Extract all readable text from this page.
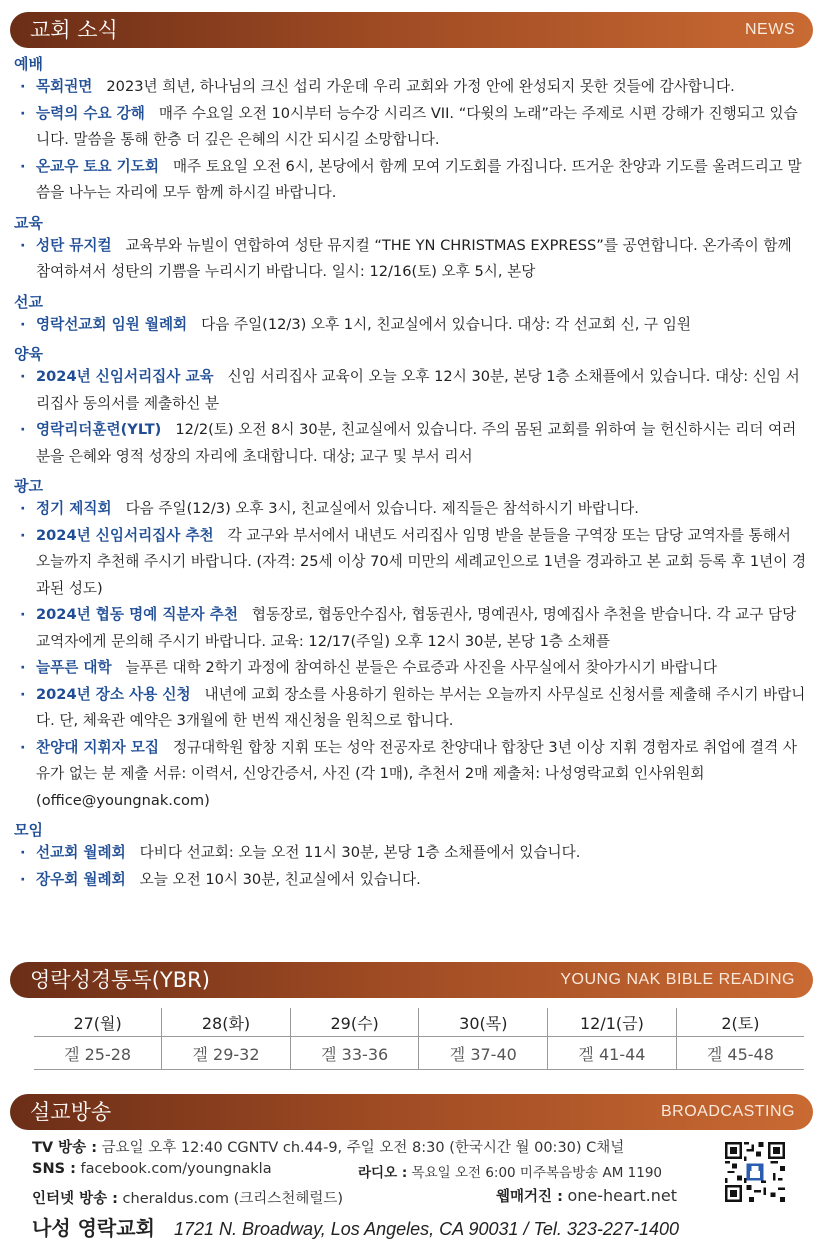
교회 소식	NEWS
예배
· 목회권면 2023년 희년, 하나님의 크신 섭리 가운데 우리 교회와 가정 안에 완성되지 못한 것들에 감사합니다.
· 능력의 수요 강해 매주 수요일 오전 10시부터 능수강 시리즈 VII. “다윗의 노래”라는 주제로 시편 강해가 진행되고 있습니다. 말씀을 통해 한층 더 깊은 은혜의 시간 되시길 소망합니다.
· 온교우 토요 기도회 매주 토요일 오전 6시, 본당에서 함께 모여 기도회를 가집니다. 뜨거운 찬양과 기도를 올려드리고 말씀을 나누는 자리에 모두 함께 하시길 바랍니다.
교육
· 성탄 뮤지컬 교육부와 뉴빌이 연합하여 성탄 뮤지컬 “THE YN CHRISTMAS EXPRESS”를 공연합니다. 온가족이 함께 참여하셔서 성탄의 기쁨을 누리시기 바랍니다. 일시: 12/16(토) 오후 5시, 본당
선교
· 영락선교회 임원 월례회 다음 주일(12/3) 오후 1시, 친교실에서 있습니다. 대상: 각 선교회 신, 구 임원
양육
· 2024년 신임서리집사 교육 신임 서리집사 교육이 오늘 오후 12시 30분, 본당 1층 소채플에서 있습니다. 대상: 신임 서리집사 동의서를 제출하신 분
· 영락리더훈련(YLT) 12/2(토) 오전 8시 30분, 친교실에서 있습니다. 주의 몸된 교회를 위하여 늘 헌신하시는 리더 여러분을 은혜와 영적 성장의 자리에 초대합니다. 대상; 교구 및 부서 리서
광고
· 정기 제직회 다음 주일(12/3) 오후 3시, 친교실에서 있습니다. 제직들은 참석하시기 바랍니다.
· 2024년 신임서리집사 추천 각 교구와 부서에서 내년도 서리집사 임명 받을 분들을 구역장 또는 담당 교역자를 통해서 오늘까지 추천해 주시기 바랍니다. (자격: 25세 이상 70세 미만의 세례교인으로 1년을 경과하고 본 교회 등록 후 1년이 경과된 성도)
· 2024년 협동 명예 직분자 추천 협동장로, 협동안수집사, 협동권사, 명예권사, 명예집사 추천을 받습니다. 각 교구 담당교역자에게 문의해 주시기 바랍니다. 교육: 12/17(주일) 오후 12시 30분, 본당 1층 소채플
· 늘푸른 대학 늘푸른 대학 2학기 과정에 참여하신 분들은 수료증과 사진을 사무실에서 찾아가시기 바랍니다
· 2024년 장소 사용 신청 내년에 교회 장소를 사용하기 원하는 부서는 오늘까지 사무실로 신청서를 제출해 주시기 바랍니다. 단, 체육관 예약은 3개월에 한 번씩 재신청을 원칙으로 합니다.
· 찬양대 지휘자 모집 정규대학원 합창 지휘 또는 성악 전공자로 찬양대나 합창단 3년 이상 지휘 경험자로 취업에 결격 사유가 없는 분 제출 서류: 이력서, 신앙간증서, 사진 (각 1매), 추천서 2매 제출처: 나성영락교회 인사위원회 (office@youngnak.com)
모임
· 선교회 월례회 다비다 선교회: 오늘 오전 11시 30분, 본당 1층 소채플에서 있습니다.
· 장우회 월례회 오늘 오전 10시 30분, 친교실에서 있습니다.
영락성경통독(YBR)	YOUNG NAK BIBLE READING
27(월)	28(화)	29(수)	30(목)	12/1(금)	2(토)
겔 25-28	겔 29-32	겔 33-36	겔 37-40	겔 41-44	겔 45-48
설교방송	BROADCASTING
TV 방송 : 금요일 오후 12:40 CGNTV ch.44-9, 주일 오전 8:30 (한국시간 월 00:30) C채널
SNS : facebook.com/youngnakla	라디오 : 목요일 오전 6:00 미주복음방송 AM 1190
인터넷 방송 : cheraldus.com (크리스천헤럴드)	웹매거진 : one-heart.net
나성 영락교회 1721 N. Broadway, Los Angeles, CA 90031 / Tel. 323-227-1400
